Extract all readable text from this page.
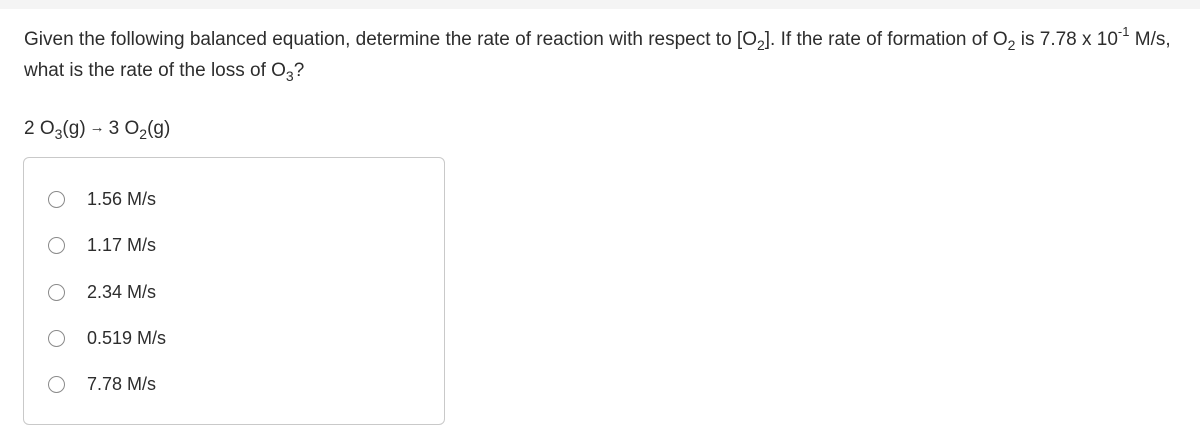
Given the following balanced equation, determine the rate of reaction with respect to $[O_2]$. If the rate of formation of $O_2$ is 7.78 x $10^{-1}$ M/s, what is the rate of the loss of $O_3$?

2 $O_3(g) \to 3$ $O_2(g)$

1.56 M/s
1.17 M/s
2.34 M/s
0.519 M/s
7.78 M/s
